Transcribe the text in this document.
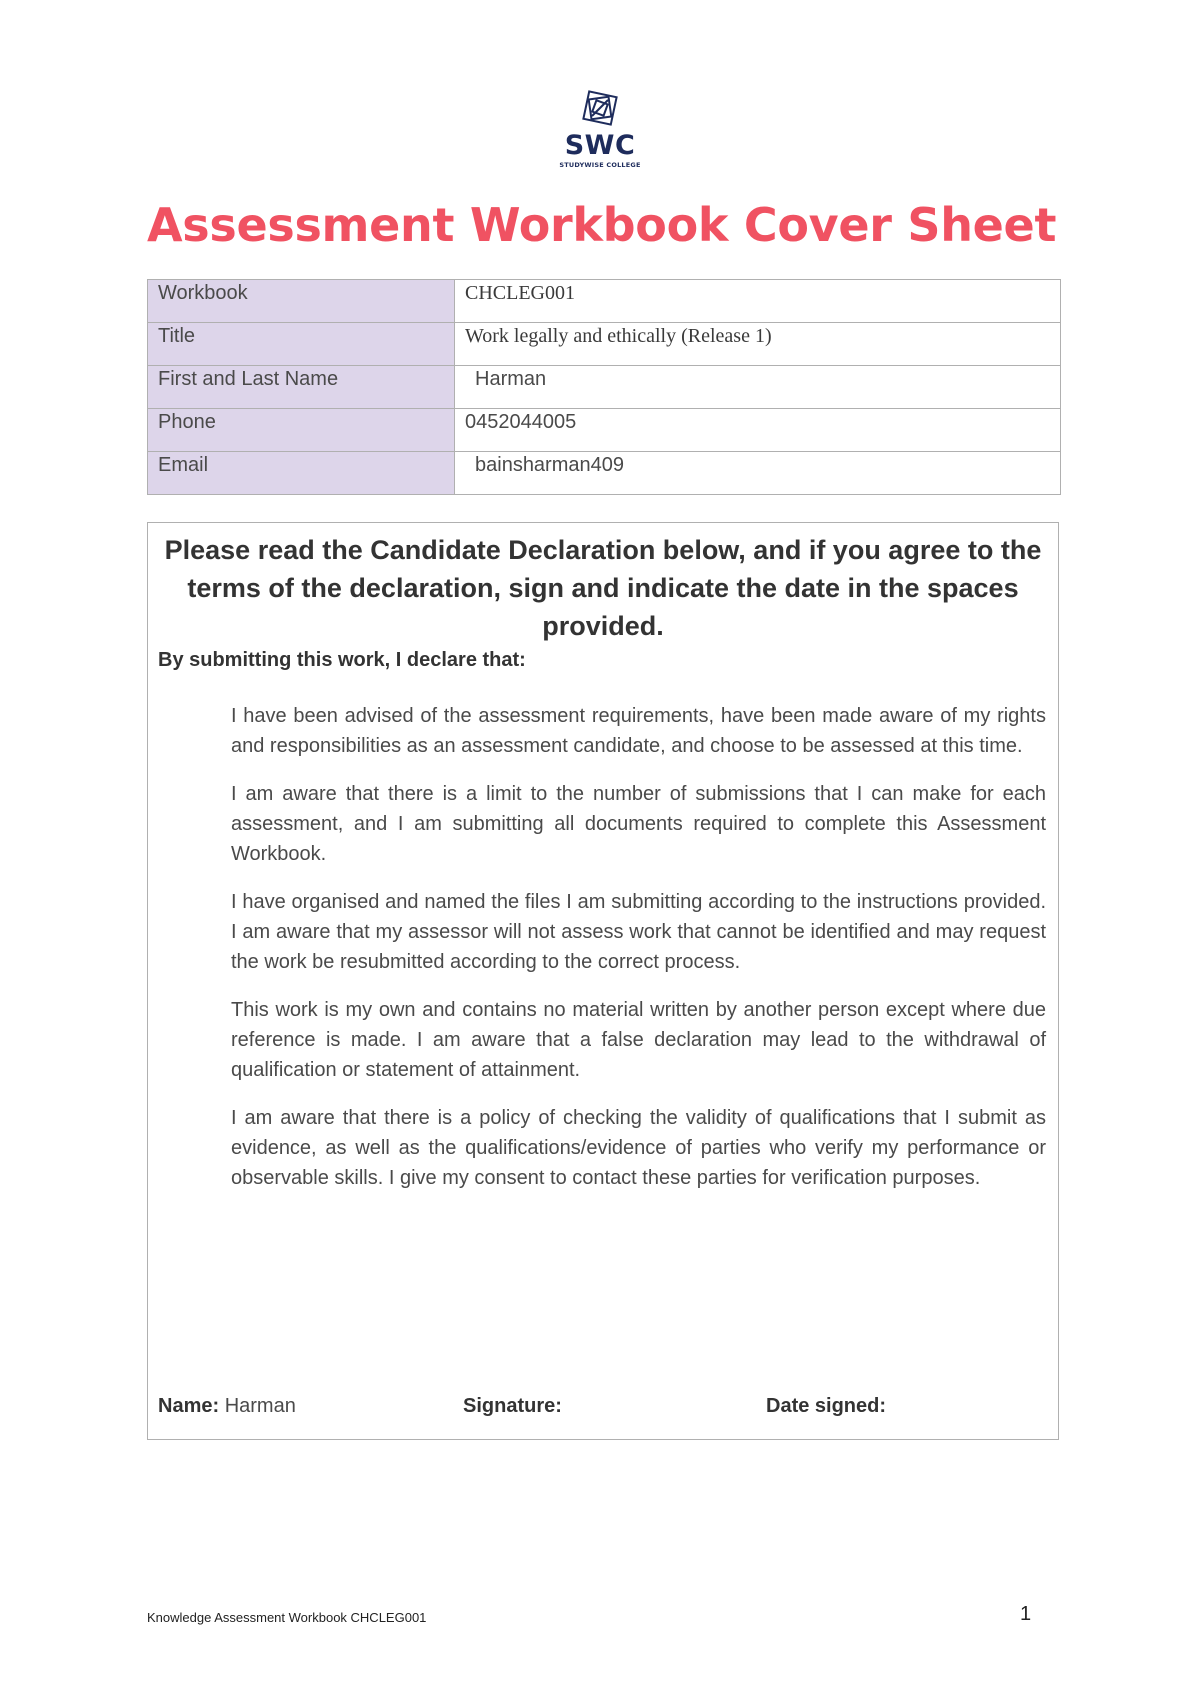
SWC
STUDYWISE COLLEGE
Assessment Workbook Cover Sheet
Workbook	CHCLEG001
Title	Work legally and ethically (Release 1)
First and Last Name	Harman
Phone	0452044005
Email	bainsharman409
Please read the Candidate Declaration below, and if you agree to the terms of the declaration, sign and indicate the date in the spaces provided.
By submitting this work, I declare that:

I have been advised of the assessment requirements, have been made aware of my rights and responsibilities as an assessment candidate, and choose to be assessed at this time.

I am aware that there is a limit to the number of submissions that I can make for each assessment, and I am submitting all documents required to complete this Assessment Workbook.

I have organised and named the files I am submitting according to the instructions provided. I am aware that my assessor will not assess work that cannot be identified and may request the work be resubmitted according to the correct process.

This work is my own and contains no material written by another person except where due reference is made. I am aware that a false declaration may lead to the withdrawal of qualification or statement of attainment.

I am aware that there is a policy of checking the validity of qualifications that I submit as evidence, as well as the qualifications/evidence of parties who verify my performance or observable skills. I give my consent to contact these parties for verification purposes.

Name: Harman	Signature:	Date signed:
Knowledge Assessment Workbook CHCLEG001	1
